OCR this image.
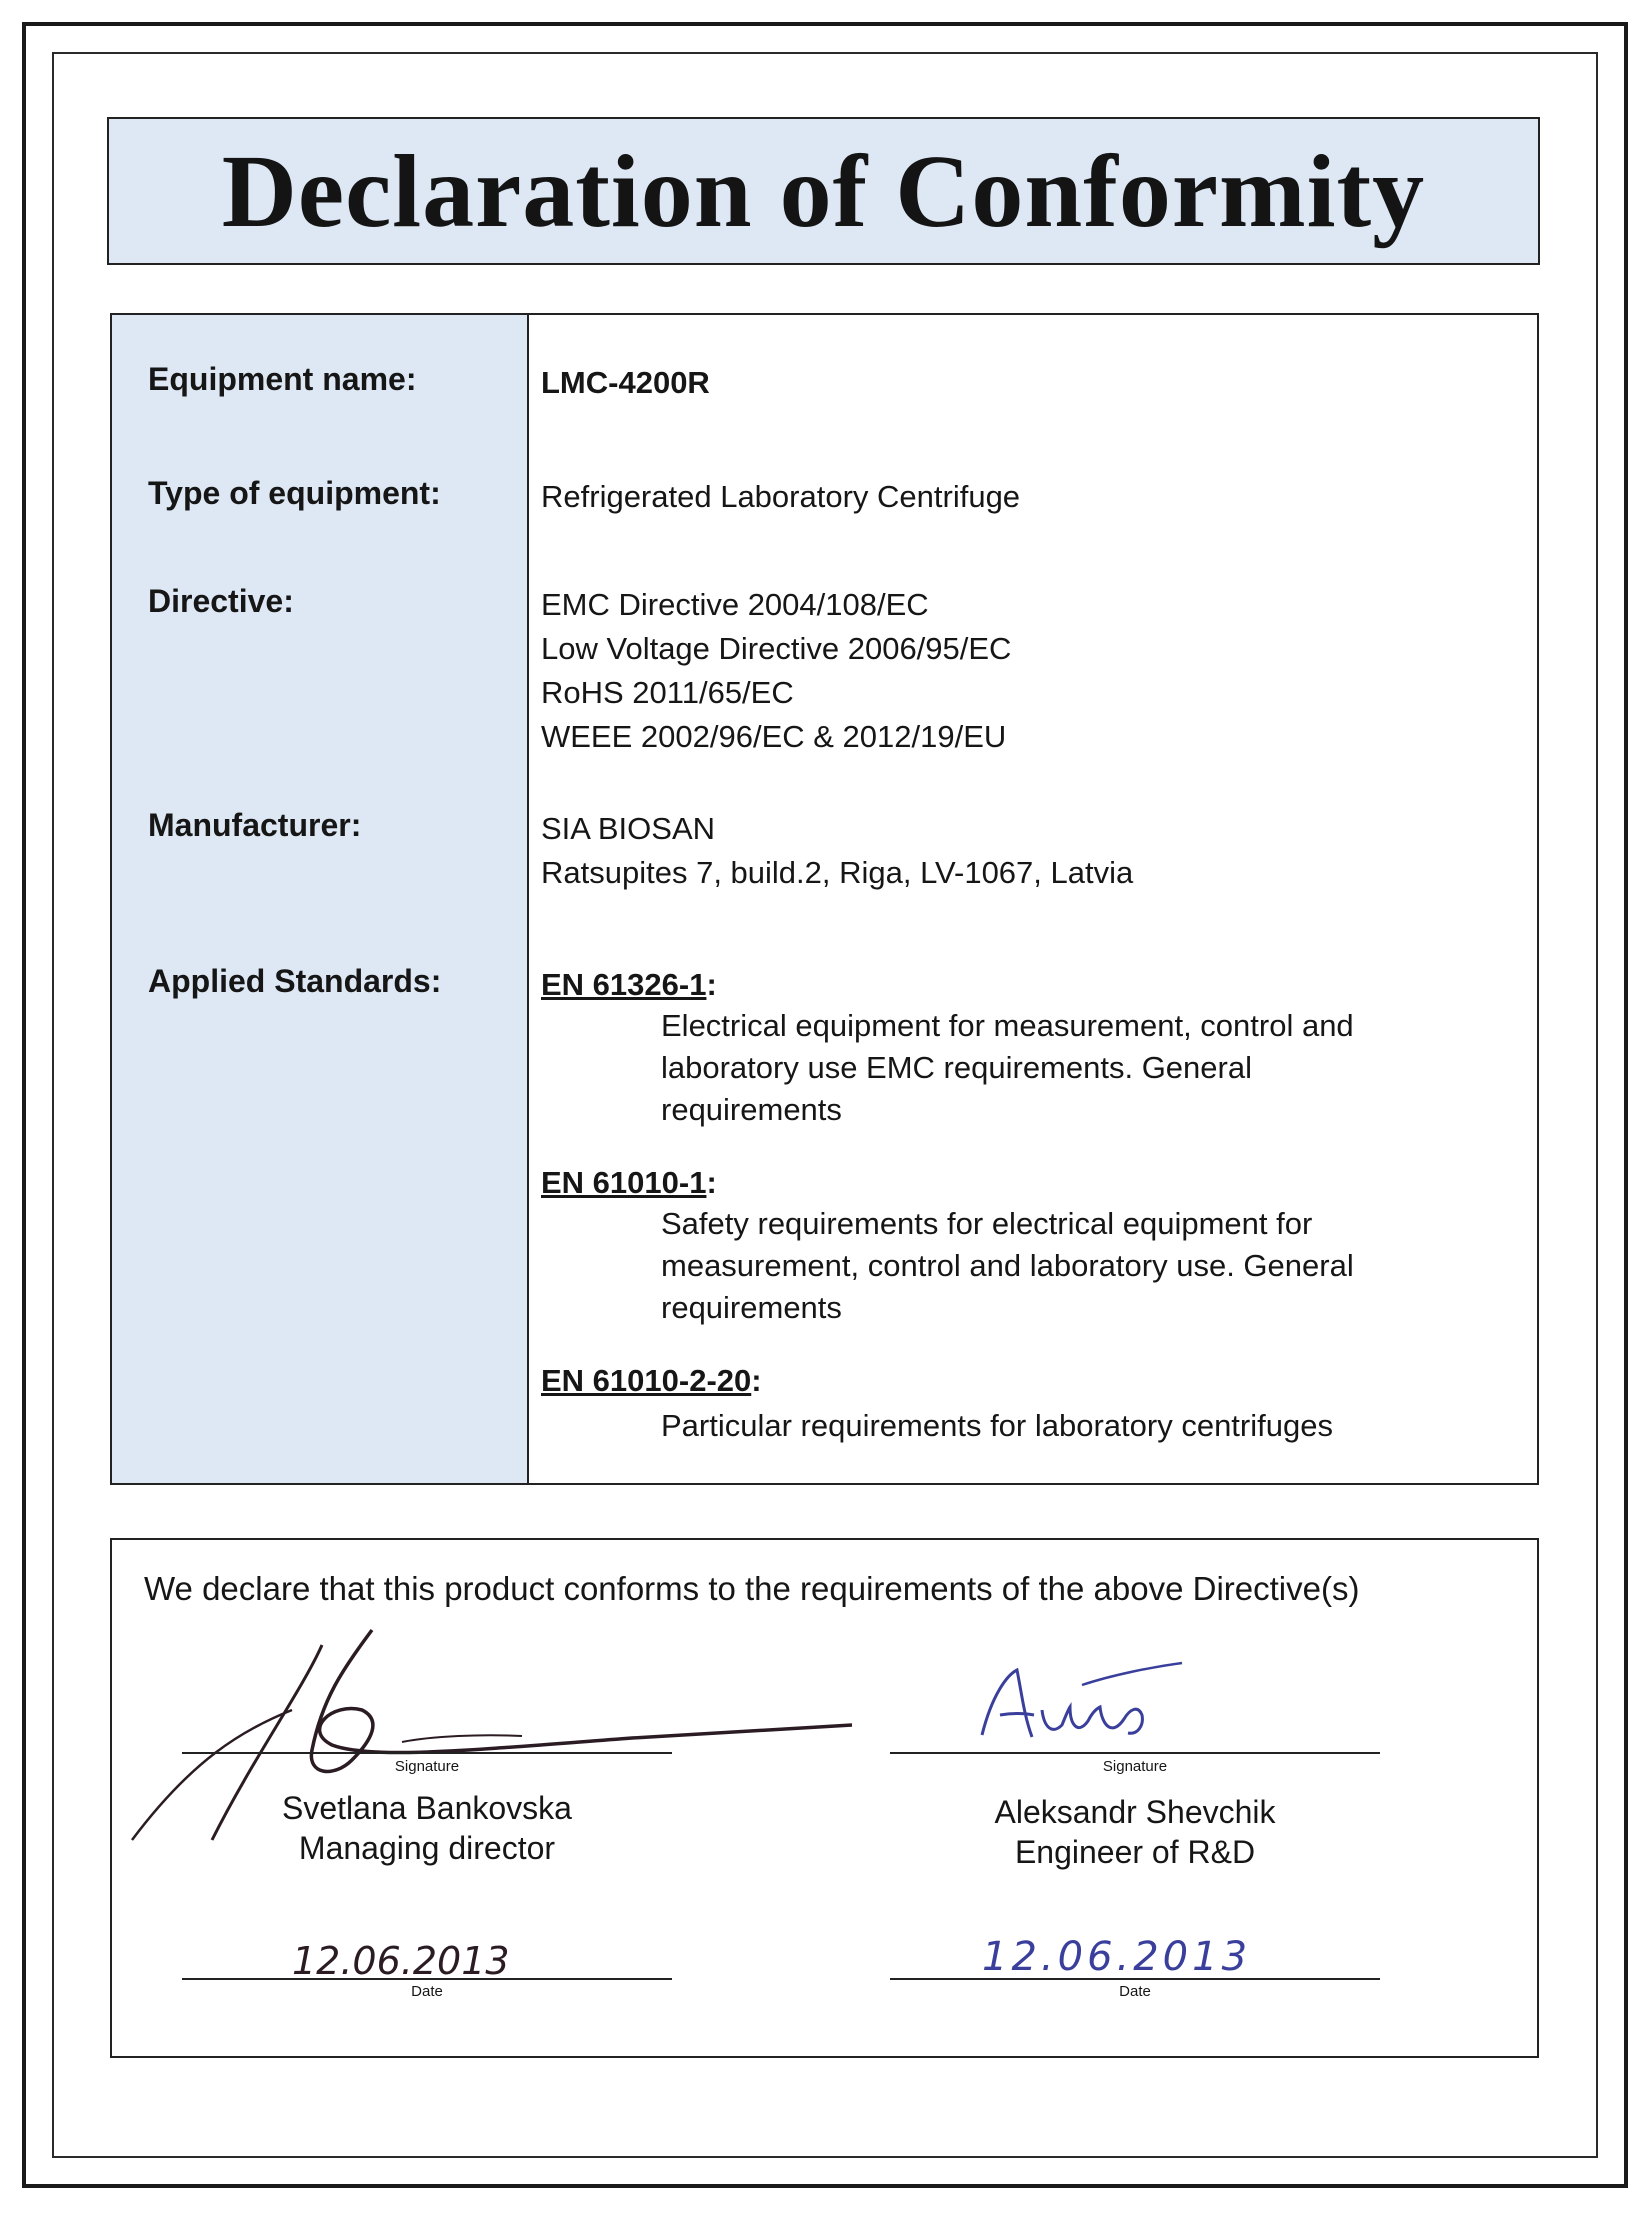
Declaration of Conformity
Equipment name:
Type of equipment:
Directive:
Manufacturer:
Applied Standards:
LMC-4200R
Refrigerated Laboratory Centrifuge
EMC Directive 2004/108/EC
Low Voltage Directive 2006/95/EC
RoHS 2011/65/EC
WEEE 2002/96/EC & 2012/19/EU
SIA BIOSAN
Ratsupites 7, build.2, Riga, LV-1067, Latvia
EN 61326-1:
Electrical equipment for measurement, control and
laboratory use EMC requirements. General
requirements
EN 61010-1:
Safety requirements for electrical equipment for
measurement, control and laboratory use. General
requirements
EN 61010-2-20:
Particular requirements for laboratory centrifuges
We declare that this product conforms to the requirements of the above Directive(s)
Signature
Svetlana Bankovska
Managing director
12.06.2013
Date
Signature
Aleksandr Shevchik
Engineer of R&D
12.06.2013
Date
